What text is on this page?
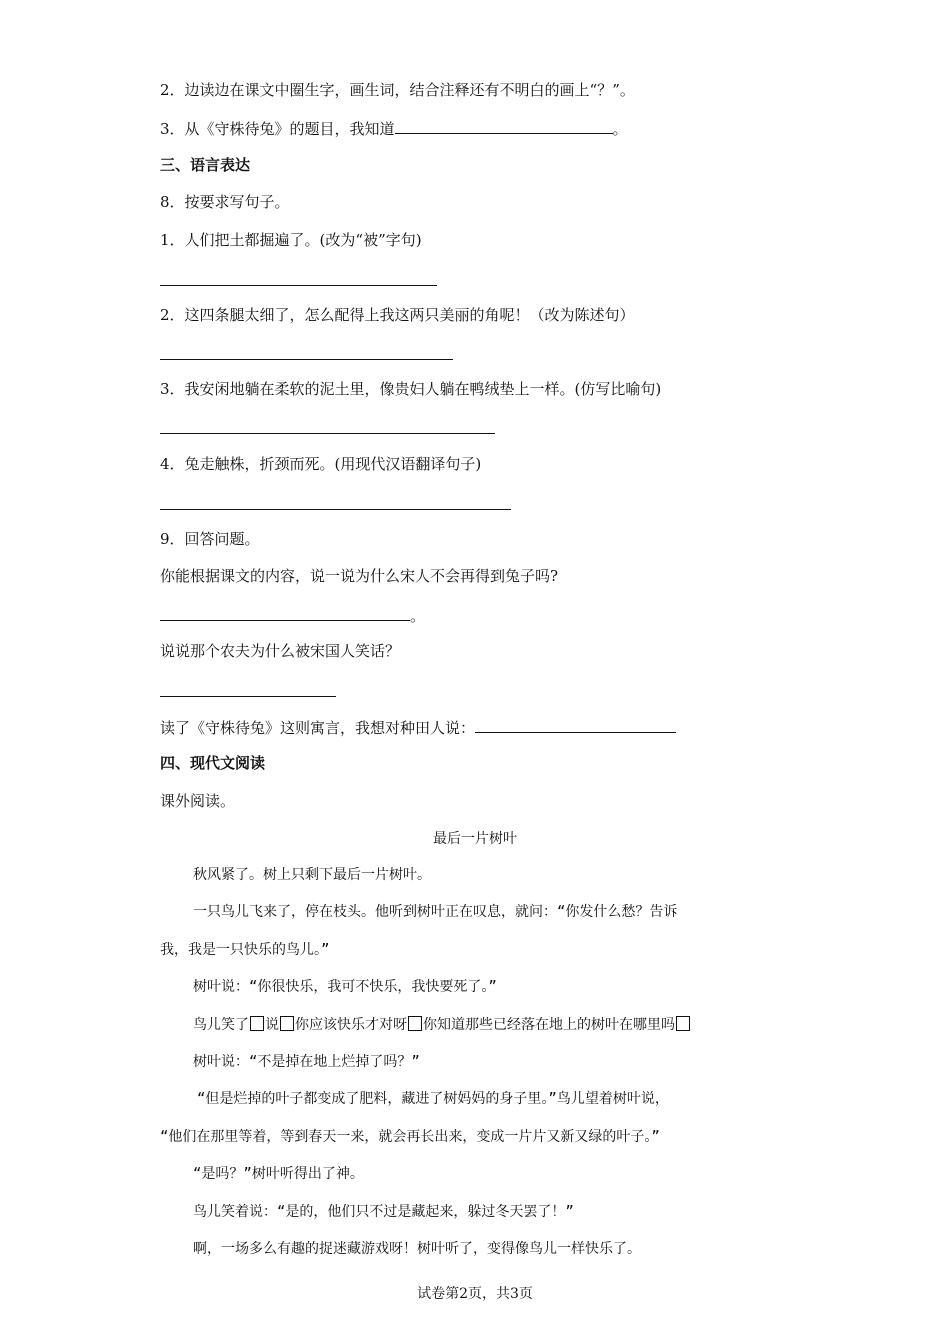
2．边读边在课文中圈生字，画生词，结合注释还有不明白的画上“？”。
3．从《守株待兔》的题目，我知道	。
三、语言表达
8．按要求写句子。
1．人们把土都掘遍了。(改为“被”字句)
2．这四条腿太细了，怎么配得上我这两只美丽的角呢！（改为陈述句）
3．我安闲地躺在柔软的泥土里，像贵妇人躺在鸭绒垫上一样。(仿写比喻句)
4．兔走触株，折颈而死。(用现代汉语翻译句子)
9．回答问题。
你能根据课文的内容，说一说为什么宋人不会再得到兔子吗?
。
说说那个农夫为什么被宋国人笑话？
读了《守株待兔》这则寓言，我想对种田人说：
四、现代文阅读
课外阅读。
最后一片树叶
秋风紧了。树上只剩下最后一片树叶。
一只鸟儿飞来了，停在枝头。他听到树叶正在叹息，就问：“你发什么愁？告诉
我，我是一只快乐的鸟儿。”
树叶说：“你很快乐，我可不快乐，我快要死了。”
鸟儿笑了 说 你应该快乐才对呀 你知道那些已经落在地上的树叶在哪里吗
树叶说：“不是掉在地上烂掉了吗？”
“但是烂掉的叶子都变成了肥料，藏进了树妈妈的身子里。”鸟儿望着树叶说，
“他们在那里等着，等到春天一来，就会再长出来，变成一片片又新又绿的叶子。”
“是吗？”树叶听得出了神。
鸟儿笑着说：“是的，他们只不过是藏起来，躲过冬天罢了！”
啊，一场多么有趣的捉迷藏游戏呀！树叶听了，变得像鸟儿一样快乐了。
试卷第2页，共3页
